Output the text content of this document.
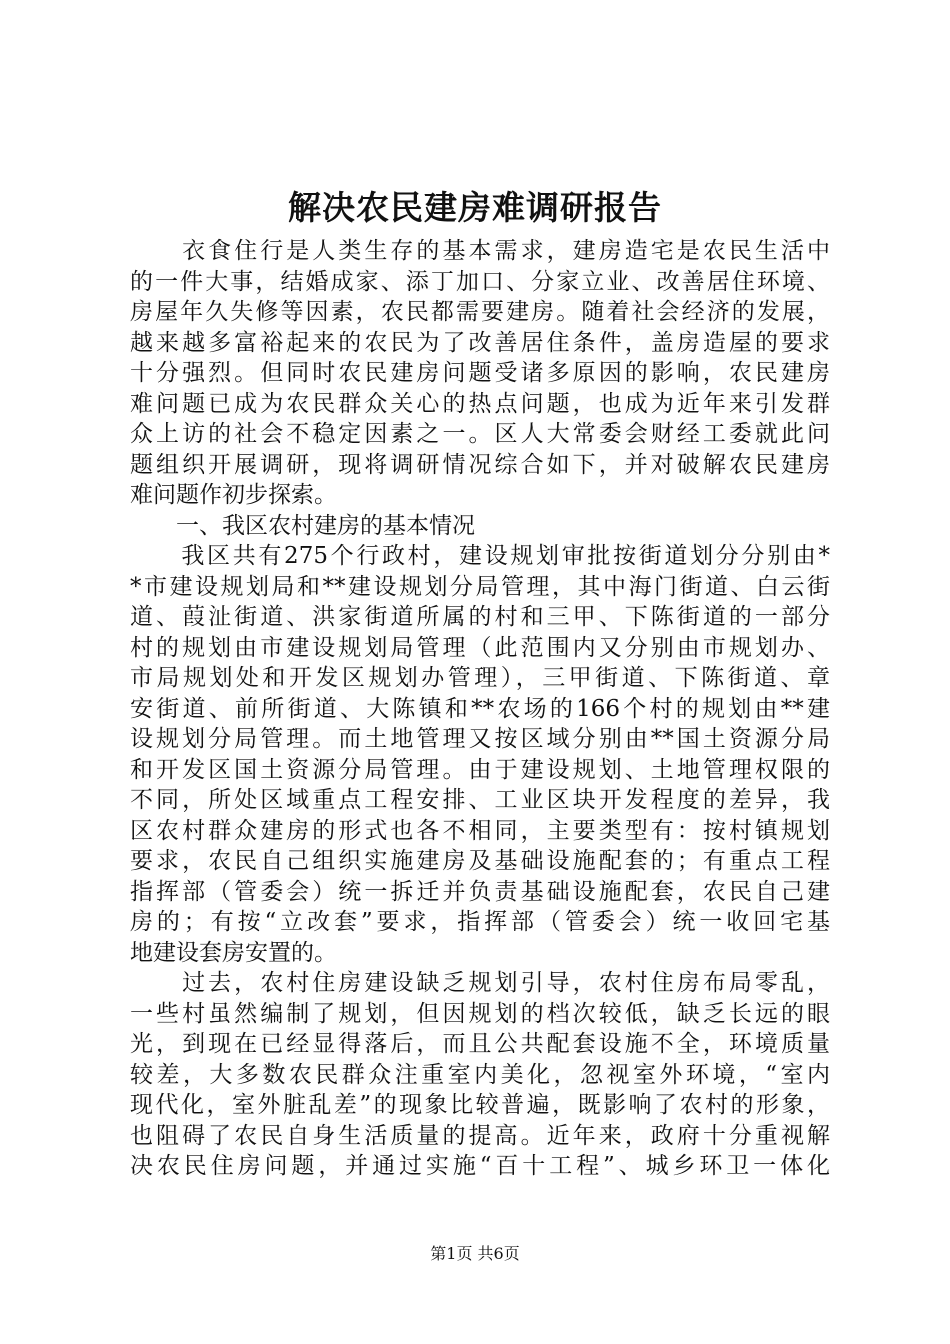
解决农民建房难调研报告
　　衣食住行是人类生存的基本需求，建房造宅是农民生活中
的一件大事，结婚成家、添丁加口、分家立业、改善居住环境、
房屋年久失修等因素，农民都需要建房。随着社会经济的发展，
越来越多富裕起来的农民为了改善居住条件，盖房造屋的要求
十分强烈。但同时农民建房问题受诸多原因的影响，农民建房
难问题已成为农民群众关心的热点问题，也成为近年来引发群
众上访的社会不稳定因素之一。区人大常委会财经工委就此问
题组织开展调研，现将调研情况综合如下，并对破解农民建房
难问题作初步探索。
　　一、我区农村建房的基本情况
　　我区共有275个行政村，建设规划审批按街道划分分别由*
*市建设规划局和**建设规划分局管理，其中海门街道、白云街
道、葭沚街道、洪家街道所属的村和三甲、下陈街道的一部分
村的规划由市建设规划局管理（此范围内又分别由市规划办、
市局规划处和开发区规划办管理），三甲街道、下陈街道、章
安街道、前所街道、大陈镇和**农场的166个村的规划由**建
设规划分局管理。而土地管理又按区域分别由**国土资源分局
和开发区国土资源分局管理。由于建设规划、土地管理权限的
不同，所处区域重点工程安排、工业区块开发程度的差异，我
区农村群众建房的形式也各不相同，主要类型有：按村镇规划
要求，农民自己组织实施建房及基础设施配套的；有重点工程
指挥部（管委会）统一拆迁并负责基础设施配套，农民自己建
房的；有按“立改套”要求，指挥部（管委会）统一收回宅基
地建设套房安置的。
　　过去，农村住房建设缺乏规划引导，农村住房布局零乱，
一些村虽然编制了规划，但因规划的档次较低，缺乏长远的眼
光，到现在已经显得落后，而且公共配套设施不全，环境质量
较差，大多数农民群众注重室内美化，忽视室外环境，“室内
现代化，室外脏乱差”的现象比较普遍，既影响了农村的形象，
也阻碍了农民自身生活质量的提高。近年来，政府十分重视解
决农民住房问题，并通过实施“百十工程”、城乡环卫一体化
第1页 共6页
